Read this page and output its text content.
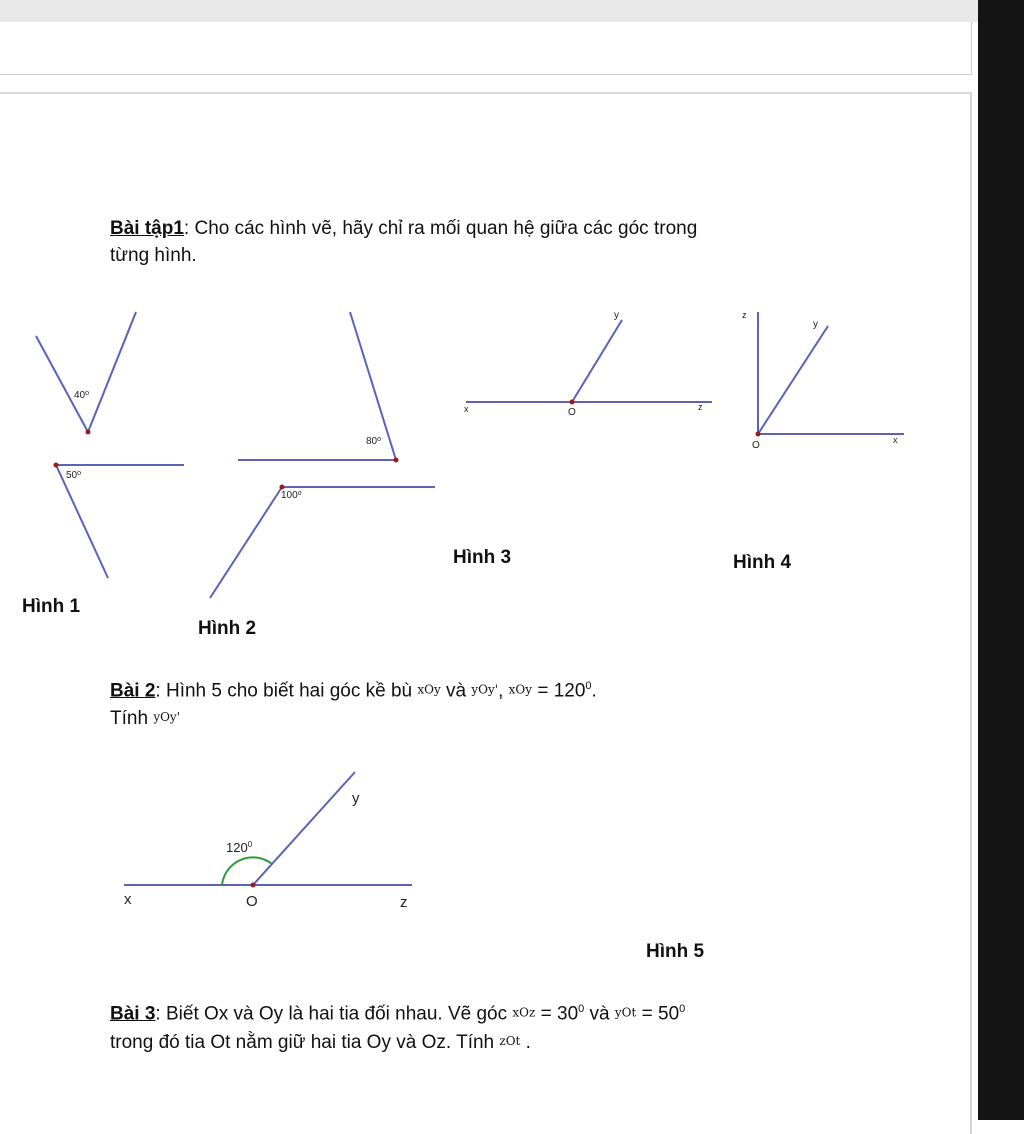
Bài tập1: Cho các hình vẽ, hãy chỉ ra mối quan hệ giữa các góc trong
từng hình.
40$^o$
50$^o$
80$^o$
100$^o$
x
y
z
O
x
y
z
O
$120^0$
x
y
z
O
Hình 1
Hình 2
Hình 3	Hình 4
Hình 5
Bài 2: Hình 5 cho biết hai góc kề bù xOy và yOy', xOy = $120^0$.
Tính yOy'
Bài 3: Biết Ox và Oy là hai tia đối nhau. Vẽ góc xOz = $30^0$ và yOt = $50^0$
trong đó tia Ot nằm giữ hai tia Oy và Oz. Tính zOt .
